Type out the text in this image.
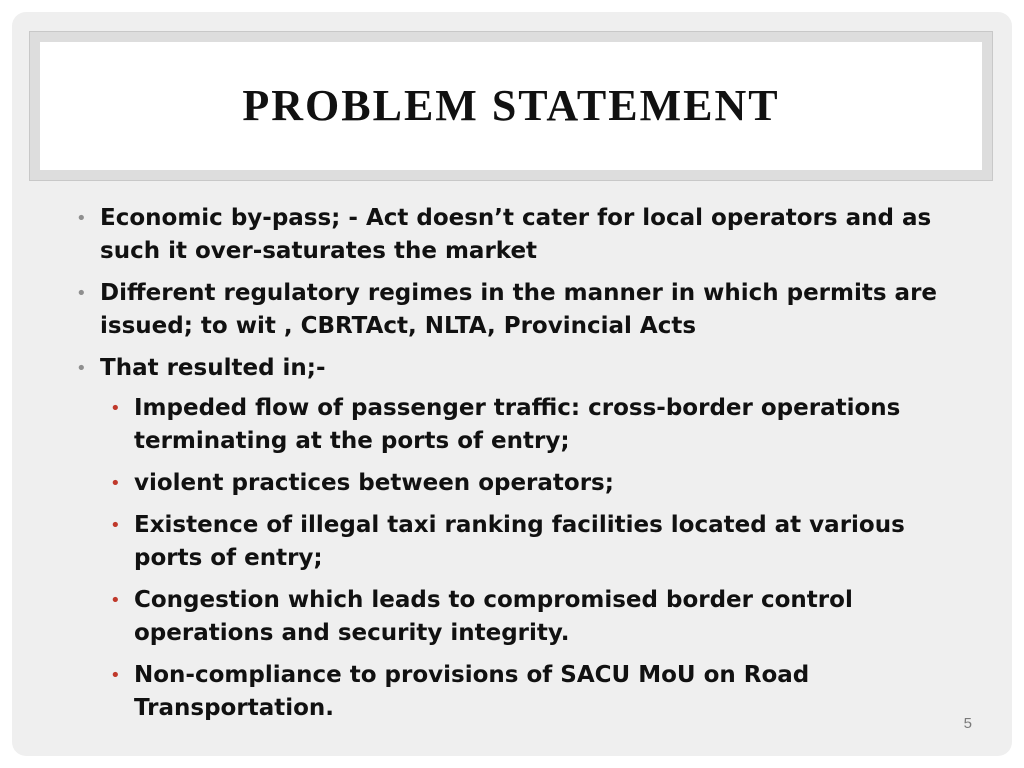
PROBLEM STATEMENT
• Economic by-pass; - Act doesn’t cater for local operators and as such it over-saturates the market
• Different regulatory regimes in the manner in which permits are issued; to wit , CBRTAct, NLTA, Provincial Acts
• That resulted in;-
• Impeded flow of passenger traffic: cross-border operations terminating at the ports of entry;
• violent practices between operators;
• Existence of illegal taxi ranking facilities located at various ports of entry;
• Congestion which leads to compromised border control operations and security integrity.
• Non-compliance to provisions of SACU MoU on Road Transportation.
5
